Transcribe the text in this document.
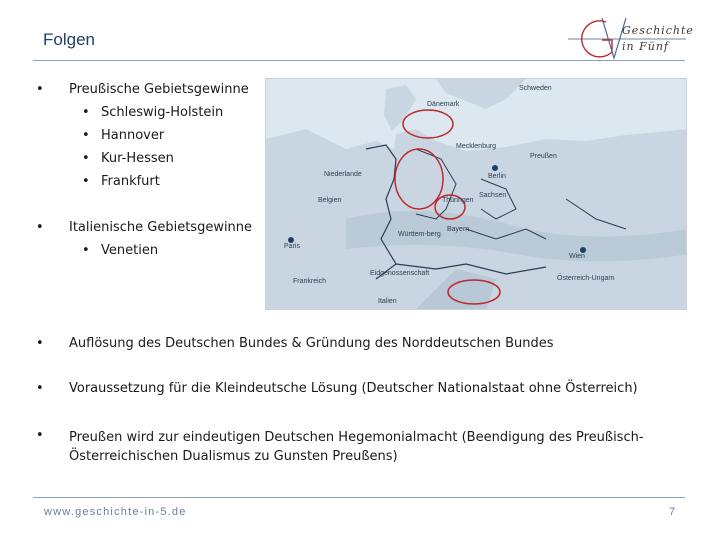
Folgen	Geschichte
in Fünf
• Preußische Gebietsgewinne
• Schleswig-Holstein
• Hannover
• Kur-Hessen
• Frankfurt
• Italienische Gebietsgewinne
• Venetien
• Auflösung des Deutschen Bundes & Gründung des Norddeutschen Bundes
• Voraussetzung für die Kleindeutsche Lösung (Deutscher Nationalstaat ohne Österreich)
• Preußen wird zur eindeutigen Deutschen Hegemonialmacht (Beendigung des Preußisch-Österreichischen Dualismus zu Gunsten Preußens)
Schweden
Dänemark
Mecklenburg
Preußen
Berlin
Niederlande
Sachsen
Thüringen
Belgien
Bayern
Paris
Württem-berg
Wien
Frankreich
Eidgenossenschaft
Österreich-Ungarn
Italien
www.geschichte-in-5.de	7
